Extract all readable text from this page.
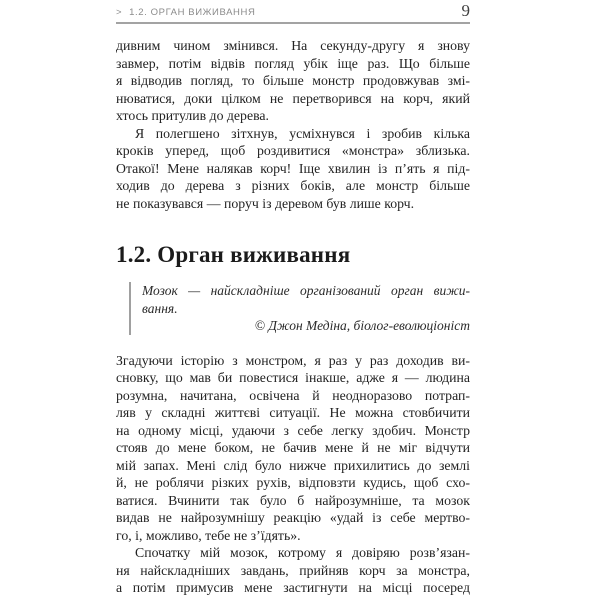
> 1.2. ОРГАН ВИЖИВАННЯ	9
дивним чином змінився. На секунду-другу я знову
завмер, потім відвів погляд убік іще раз. Що більше
я відводив погляд, то більше монстр продовжував змі-
нюватися, доки цілком не перетворився на корч, який
хтось притулив до дерева.
Я полегшено зітхнув, усміхнувся і зробив кілька
кроків уперед, щоб роздивитися «монстра» зблизька.
Отакої! Мене налякав корч! Іще хвилин із п’ять я під-
ходив до дерева з різних боків, але монстр більше
не показувався — поруч із деревом був лише корч.
1.2. Орган виживання
Мозок — найскладніше організований орган вижи-
вання.
© Джон Медіна, біолог-еволюціоніст
Згадуючи історію з монстром, я раз у раз доходив ви-
сновку, що мав би повестися інакше, адже я — людина
розумна, начитана, освічена й неодноразово потрап-
ляв у складні життєві ситуації. Не можна стовбичити
на одному місці, удаючи з себе легку здобич. Монстр
стояв до мене боком, не бачив мене й не міг відчути
мій запах. Мені слід було нижче прихилитись до землі
й, не роблячи різких рухів, відповзти кудись, щоб схо-
ватися. Вчинити так було б найрозумніше, та мозок
видав не найрозумнішу реакцію «удай із себе мертво-
го, і, можливо, тебе не з’їдять».
Спочатку мій мозок, котрому я довіряю розв’язан-
ня найскладніших завдань, прийняв корч за монстра,
а потім примусив мене застигнути на місці посеред
